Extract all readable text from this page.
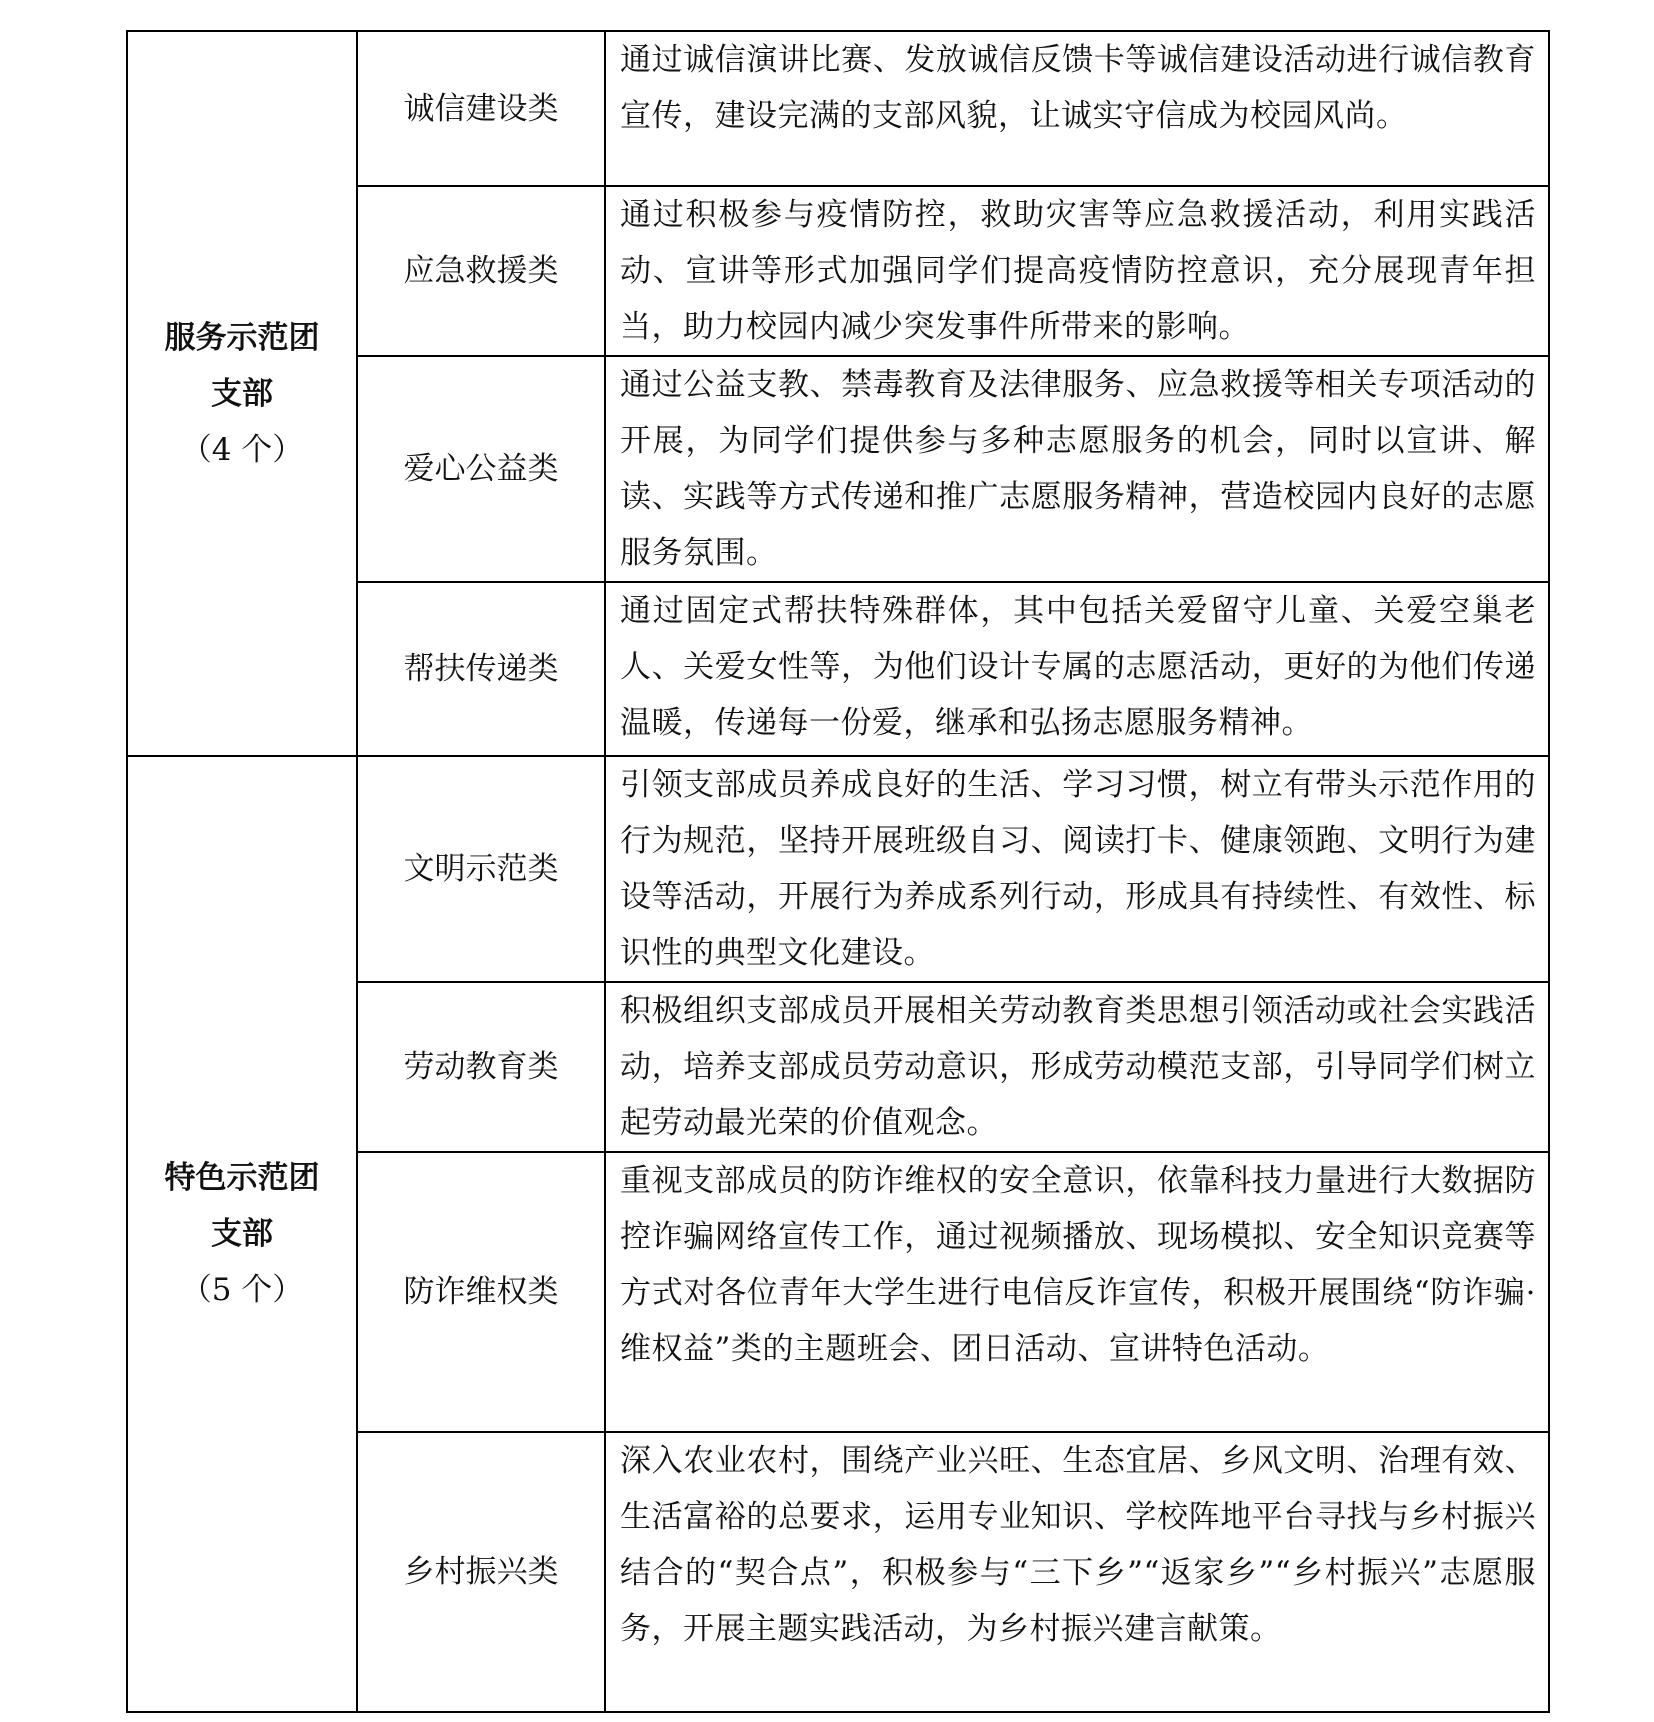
服务示范团
支部
（4 个）	诚信建设类	通过诚信演讲比赛、发放诚信反馈卡等诚信建设活动进行诚信教育宣传，建设完满的支部风貌，让诚实守信成为校园风尚。
	应急救援类	通过积极参与疫情防控，救助灾害等应急救援活动，利用实践活动、宣讲等形式加强同学们提高疫情防控意识，充分展现青年担当，助力校园内减少突发事件所带来的影响。
	爱心公益类	通过公益支教、禁毒教育及法律服务、应急救援等相关专项活动的开展，为同学们提供参与多种志愿服务的机会，同时以宣讲、解读、实践等方式传递和推广志愿服务精神，营造校园内良好的志愿服务氛围。
	帮扶传递类	通过固定式帮扶特殊群体，其中包括关爱留守儿童、关爱空巢老人、关爱女性等，为他们设计专属的志愿活动，更好的为他们传递温暖，传递每一份爱，继承和弘扬志愿服务精神。

特色示范团
支部
（5 个）	文明示范类	引领支部成员养成良好的生活、学习习惯，树立有带头示范作用的行为规范，坚持开展班级自习、阅读打卡、健康领跑、文明行为建设等活动，开展行为养成系列行动，形成具有持续性、有效性、标识性的典型文化建设。
	劳动教育类	积极组织支部成员开展相关劳动教育类思想引领活动或社会实践活动，培养支部成员劳动意识，形成劳动模范支部，引导同学们树立起劳动最光荣的价值观念。
	防诈维权类	重视支部成员的防诈维权的安全意识，依靠科技力量进行大数据防控诈骗网络宣传工作，通过视频播放、现场模拟、安全知识竞赛等方式对各位青年大学生进行电信反诈宣传，积极开展围绕“防诈骗·维权益”类的主题班会、团日活动、宣讲特色活动。
	乡村振兴类	深入农业农村，围绕产业兴旺、生态宜居、乡风文明、治理有效、生活富裕的总要求，运用专业知识、学校阵地平台寻找与乡村振兴结合的“契合点”，积极参与“三下乡”“返家乡”“乡村振兴”志愿服务，开展主题实践活动，为乡村振兴建言献策。
